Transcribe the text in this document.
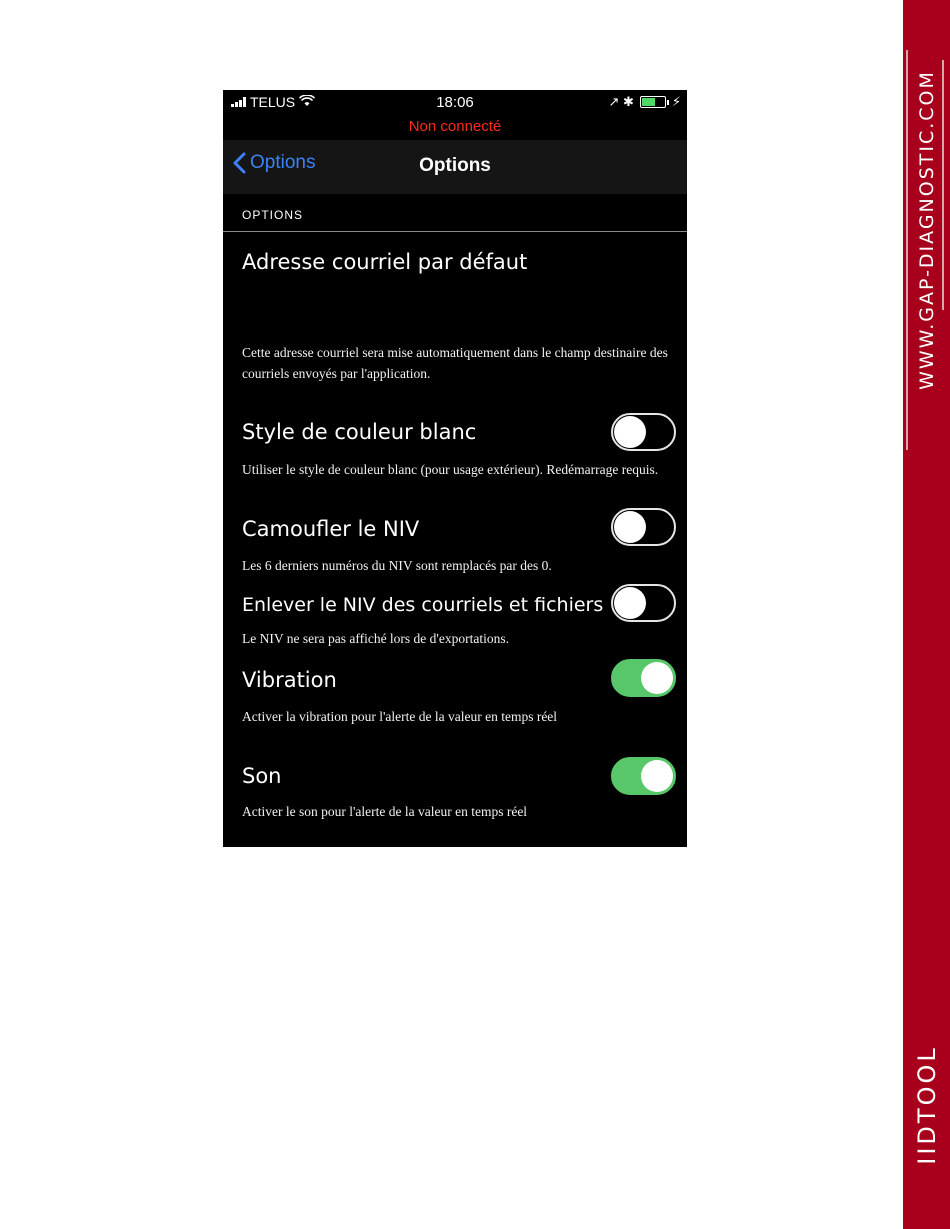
WWW.GAP-DIAGNOSTIC.COM
IIDTOOL
TELUS	18:06	↗ ✱	⚡
Non connecté
Options	Options
OPTIONS
Adresse courriel par défaut
Cette adresse courriel sera mise automatiquement dans le champ destinaire des courriels envoyés par l'application.
Style de couleur blanc
Utiliser le style de couleur blanc (pour usage extérieur). Redémarrage requis.
Camoufler le NIV
Les 6 derniers numéros du NIV sont remplacés par des 0.
Enlever le NIV des courriels et fichiers
Le NIV ne sera pas affiché lors de d'exportations.
Vibration
Activer la vibration pour l'alerte de la valeur en temps réel
Son
Activer le son pour l'alerte de la valeur en temps réel
